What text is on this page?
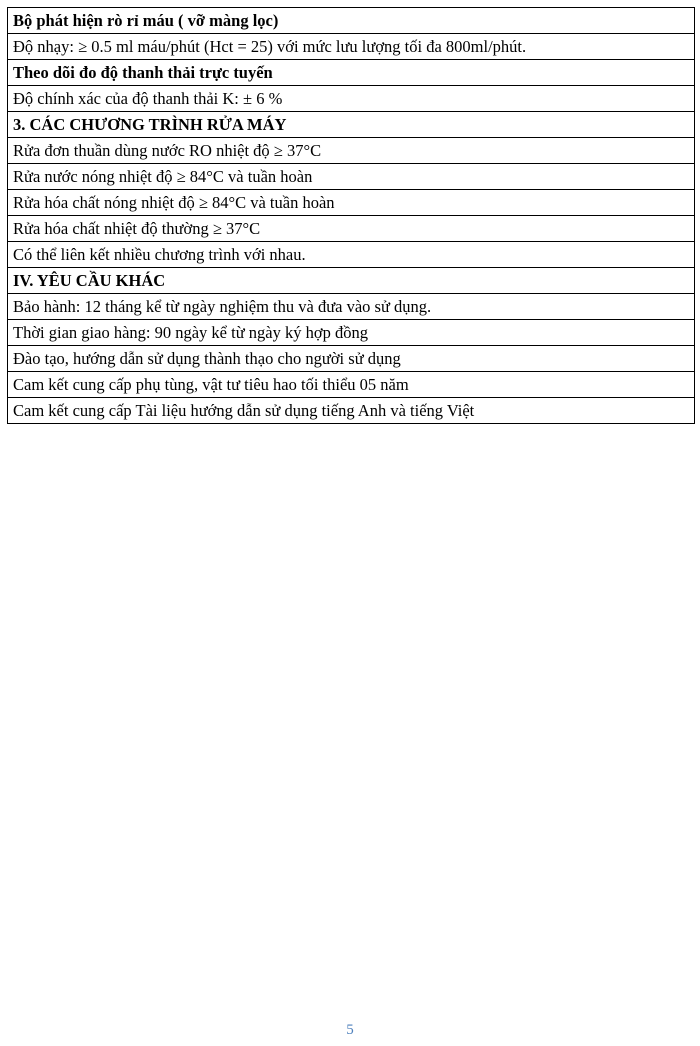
Bộ phát hiện rò rỉ máu ( vỡ màng lọc)
Độ nhạy: ≥ 0.5 ml máu/phút (Hct = 25) với mức lưu lượng tối đa 800ml/phút.
Theo dõi đo độ thanh thải trực tuyến
Độ chính xác của độ thanh thải K: ± 6 %
3. CÁC CHƯƠNG TRÌNH RỬA MÁY
Rửa đơn thuần dùng nước RO nhiệt độ ≥ 37°C
Rửa nước nóng nhiệt độ ≥ 84°C và tuần hoàn
Rửa hóa chất nóng nhiệt độ ≥ 84°C và tuần hoàn
Rửa hóa chất nhiệt độ thường ≥ 37°C
Có thể liên kết nhiều chương trình với nhau.
IV. YÊU CẦU KHÁC
Bảo hành: 12 tháng kể từ ngày nghiệm thu và đưa vào sử dụng.
Thời gian giao hàng: 90 ngày kể từ ngày ký hợp đồng
Đào tạo, hướng dẫn sử dụng thành thạo cho người sử dụng
Cam kết cung cấp phụ tùng, vật tư tiêu hao tối thiểu 05 năm
Cam kết cung cấp Tài liệu hướng dẫn sử dụng tiếng Anh và tiếng Việt
5
